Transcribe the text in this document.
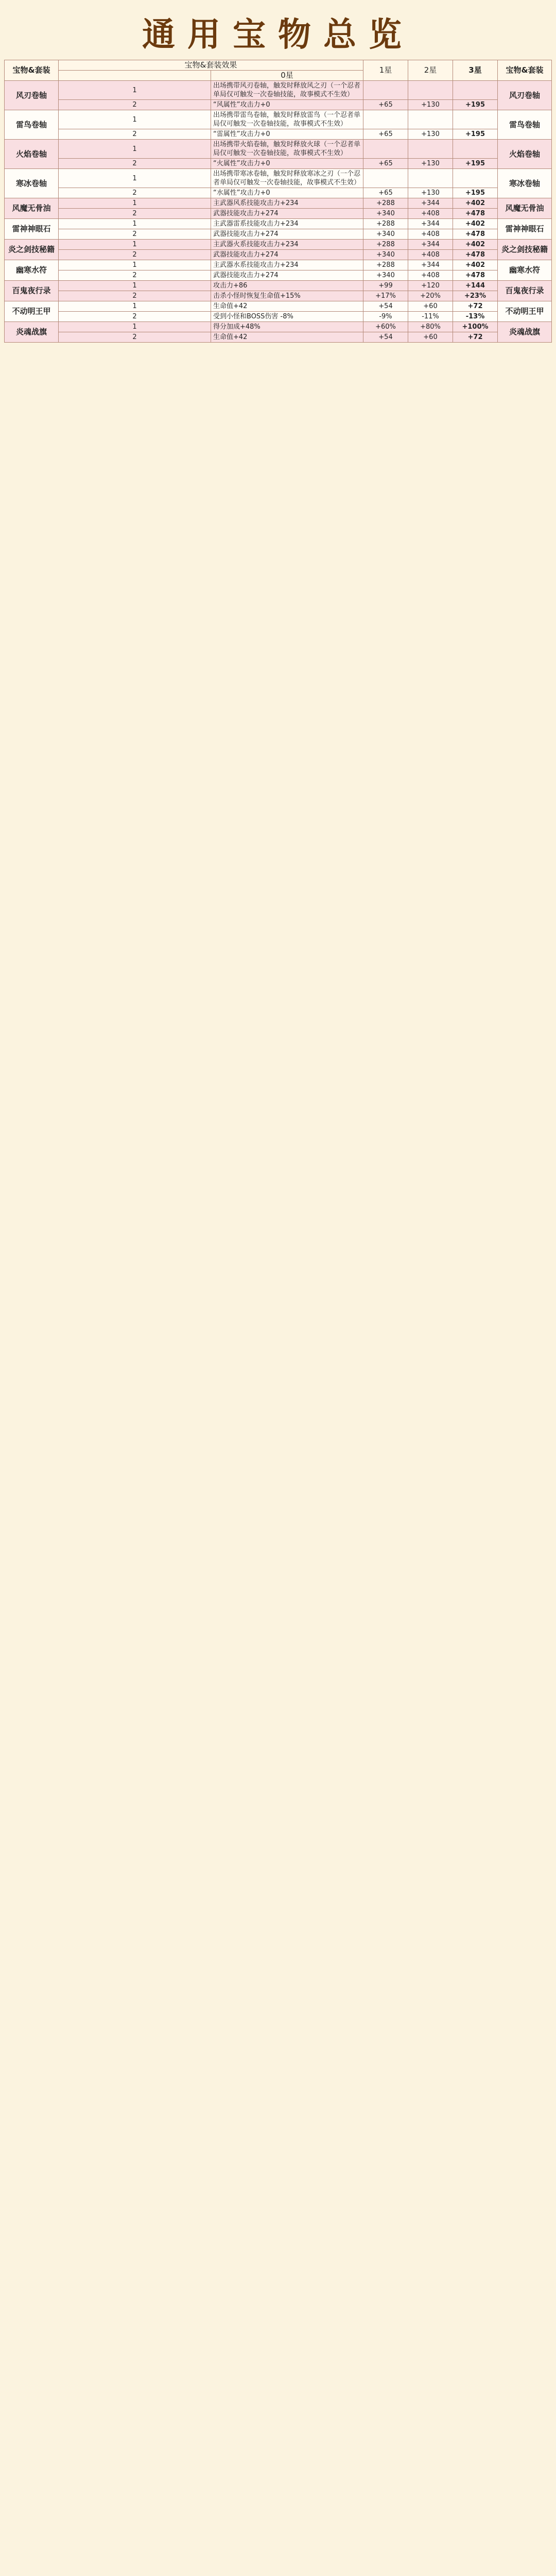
通用宝物总览
宝物&套装	宝物&套装效果		1星	2星	3星	宝物&套装
		0星				
风刃卷轴	1	出场携带风刃卷轴，触发时释放风之刃（一个忍者单局仅可触发一次卷轴技能，故事模式不生效）				风刃卷轴
	2	“风属性”攻击力+0	+65	+130	+195	
雷鸟卷轴	1	出场携带雷鸟卷轴，触发时释放雷鸟（一个忍者单局仅可触发一次卷轴技能，故事模式不生效）				雷鸟卷轴
	2	“雷属性”攻击力+0	+65	+130	+195	
火焰卷轴	1	出场携带火焰卷轴，触发时释放火球（一个忍者单局仅可触发一次卷轴技能，故事模式不生效）				火焰卷轴
	2	“火属性”攻击力+0	+65	+130	+195	
寒冰卷轴	1	出场携带寒冰卷轴，触发时释放寒冰之刃（一个忍者单局仅可触发一次卷轴技能，故事模式不生效）				寒冰卷轴
	2	“水属性”攻击力+0	+65	+130	+195	
风魔无骨油	1	主武器风系技能攻击力+234	+288	+344	+402	风魔无骨油
	2	武器技能攻击力+274	+340	+408	+478	
雷神神眼石	1	主武器雷系技能攻击力+234	+288	+344	+402	雷神神眼石
	2	武器技能攻击力+274	+340	+408	+478	
炎之剑技秘籍	1	主武器火系技能攻击力+234	+288	+344	+402	炎之剑技秘籍
	2	武器技能攻击力+274	+340	+408	+478	
幽寒水符	1	主武器水系技能攻击力+234	+288	+344	+402	幽寒水符
	2	武器技能攻击力+274	+340	+408	+478	
百鬼夜行录	1	攻击力+86	+99	+120	+144	百鬼夜行录
	2	击杀小怪时恢复生命值+15%	+17%	+20%	+23%	
不动明王甲	1	生命值+42	+54	+60	+72	不动明王甲
	2	受到小怪和BOSS伤害 -8%	-9%	-11%	-13%	
炎魂战旗	1	得分加成+48%	+60%	+80%	+100%	炎魂战旗
	2	生命值+42	+54	+60	+72	
